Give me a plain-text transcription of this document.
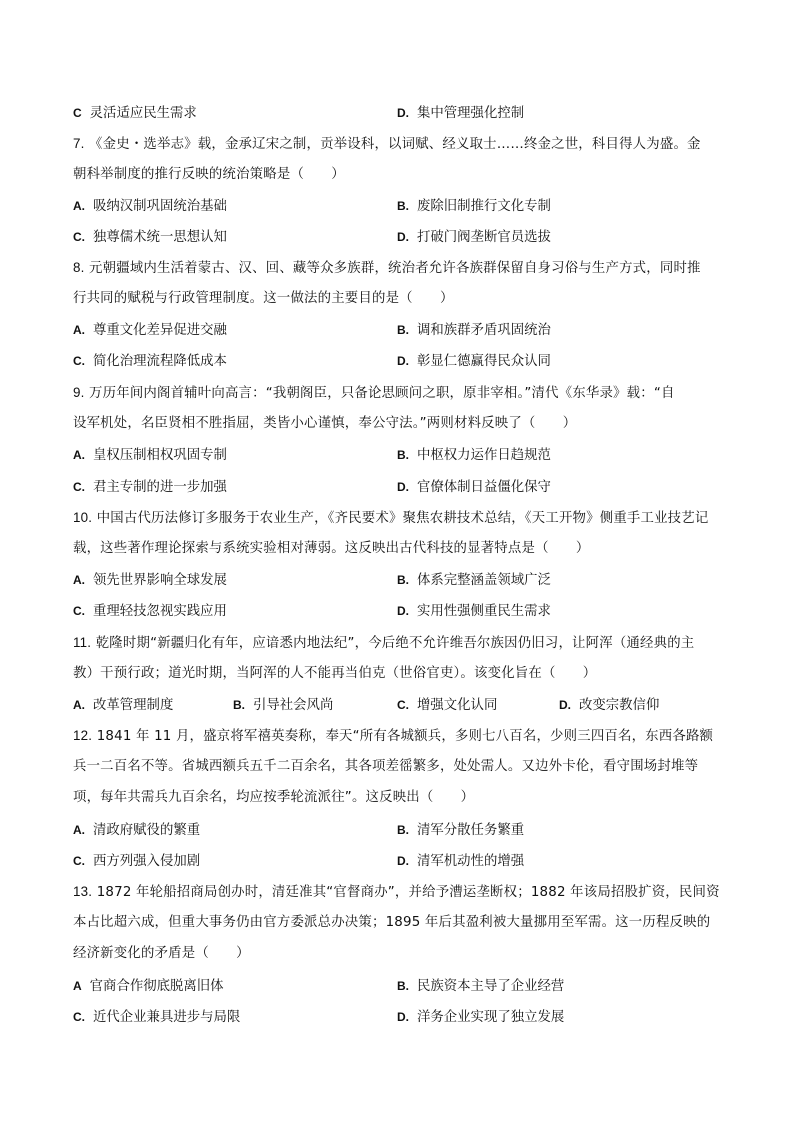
C 灵活适应民生需求	D. 集中管理强化控制
7. 《金史・选举志》载，金承辽宋之制，贡举设科，以词赋、经义取士……终金之世，科目得人为盛。金
朝科举制度的推行反映的统治策略是（　　）
A. 吸纳汉制巩固统治基础	B. 废除旧制推行文化专制
C. 独尊儒术统一思想认知	D. 打破门阀垄断官员选拔
8. 元朝疆域内生活着蒙古、汉、回、藏等众多族群，统治者允许各族群保留自身习俗与生产方式，同时推
行共同的赋税与行政管理制度。这一做法的主要目的是（　　）
A. 尊重文化差异促进交融	B. 调和族群矛盾巩固统治
C. 简化治理流程降低成本	D. 彰显仁德赢得民众认同
9. 万历年间内阁首辅叶向高言：“我朝阁臣，只备论思顾问之职，原非宰相。”清代《东华录》载：“自
设军机处，名臣贤相不胜指屈，类皆小心谨慎，奉公守法。”两则材料反映了（　　）
A. 皇权压制相权巩固专制	B. 中枢权力运作日趋规范
C. 君主专制的进一步加强	D. 官僚体制日益僵化保守
10. 中国古代历法修订多服务于农业生产，《齐民要术》聚焦农耕技术总结，《天工开物》侧重手工业技艺记
载，这些著作理论探索与系统实验相对薄弱。这反映出古代科技的显著特点是（　　）
A. 领先世界影响全球发展	B. 体系完整涵盖领域广泛
C. 重理轻技忽视实践应用	D. 实用性强侧重民生需求
11. 乾隆时期“新疆归化有年，应谙悉内地法纪”，今后绝不允许维吾尔族因仍旧习，让阿浑（通经典的主
教）干预行政；道光时期，当阿浑的人不能再当伯克（世俗官吏）。该变化旨在（　　）
A. 改革管理制度	B. 引导社会风尚	C. 增强文化认同	D. 改变宗教信仰
12. 1841 年 11 月，盛京将军禧英奏称，奉天“所有各城额兵，多则七八百名，少则三四百名，东西各路额
兵一二百名不等。省城西额兵五千二百余名，其各项差徭繁多，处处需人。又边外卡伦，看守围场封堆等
项，每年共需兵九百余名，均应按季轮流派往”。这反映出（　　）
A. 清政府赋役的繁重	B. 清军分散任务繁重
C. 西方列强入侵加剧	D. 清军机动性的增强
13. 1872 年轮船招商局创办时，清廷准其“官督商办”，并给予漕运垄断权；1882 年该局招股扩资，民间资
本占比超六成，但重大事务仍由官方委派总办决策；1895 年后其盈利被大量挪用至军需。这一历程反映的
经济新变化的矛盾是（　　）
A 官商合作彻底脱离旧体	B. 民族资本主导了企业经营
C. 近代企业兼具进步与局限	D. 洋务企业实现了独立发展
